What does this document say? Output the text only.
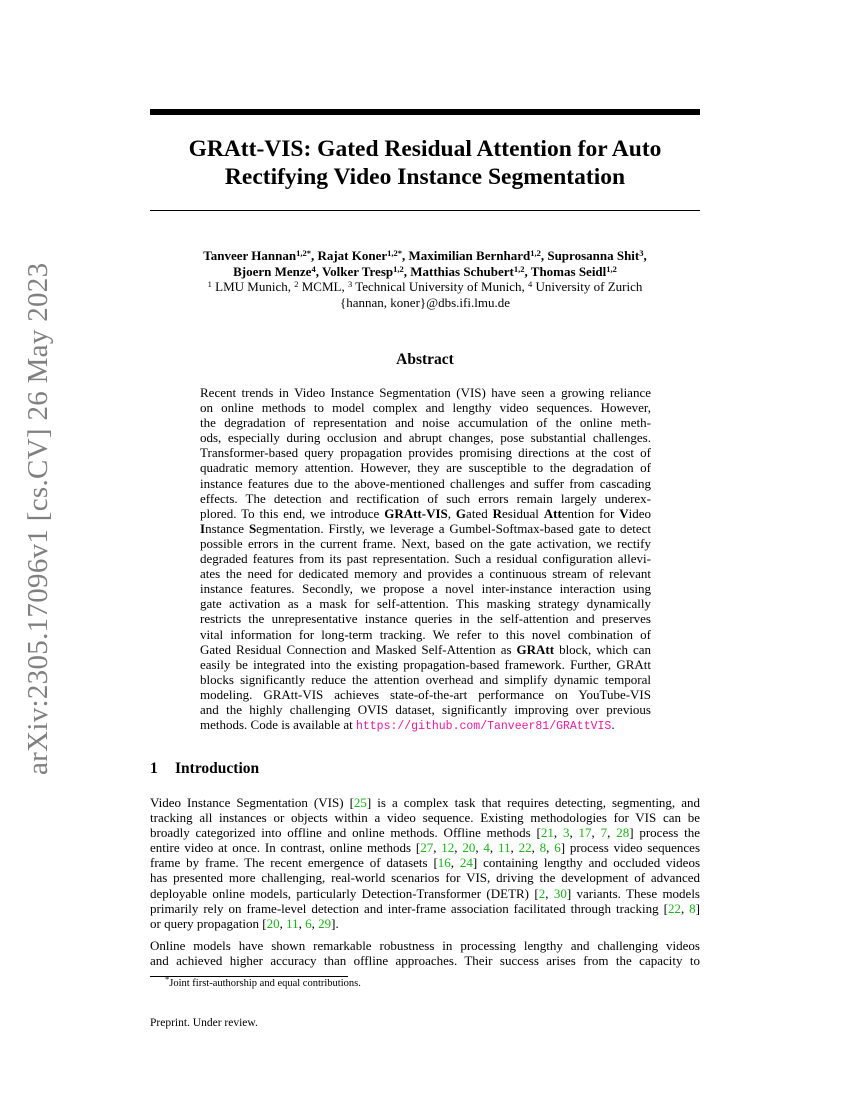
arXiv:2305.17096v1 [cs.CV] 26 May 2023
GRAtt-VIS: Gated Residual Attention for Auto
Rectifying Video Instance Segmentation
Tanveer Hannan$^{1,2*}$, Rajat Koner$^{1,2*}$, Maximilian Bernhard$^{1,2}$, Suprosanna Shit$^3$,
Bjoern Menze$^4$, Volker Tresp$^{1,2}$, Matthias Schubert$^{1,2}$, Thomas Seidl$^{1,2}$
$^1$ LMU Munich, $^2$ MCML, $^3$ Technical University of Munich, $^4$ University of Zurich
{hannan, koner}@dbs.ifi.lmu.de
Abstract
Recent trends in Video Instance Segmentation (VIS) have seen a growing reliance
on online methods to model complex and lengthy video sequences. However,
the degradation of representation and noise accumulation of the online meth-
ods, especially during occlusion and abrupt changes, pose substantial challenges.
Transformer-based query propagation provides promising directions at the cost of
quadratic memory attention. However, they are susceptible to the degradation of
instance features due to the above-mentioned challenges and suffer from cascading
effects. The detection and rectification of such errors remain largely underex-
plored. To this end, we introduce GRAtt-VIS, Gated Residual Attention for Video
Instance Segmentation. Firstly, we leverage a Gumbel-Softmax-based gate to detect
possible errors in the current frame. Next, based on the gate activation, we rectify
degraded features from its past representation. Such a residual configuration allevi-
ates the need for dedicated memory and provides a continuous stream of relevant
instance features. Secondly, we propose a novel inter-instance interaction using
gate activation as a mask for self-attention. This masking strategy dynamically
restricts the unrepresentative instance queries in the self-attention and preserves
vital information for long-term tracking. We refer to this novel combination of
Gated Residual Connection and Masked Self-Attention as GRAtt block, which can
easily be integrated into the existing propagation-based framework. Further, GRAtt
blocks significantly reduce the attention overhead and simplify dynamic temporal
modeling. GRAtt-VIS achieves state-of-the-art performance on YouTube-VIS
and the highly challenging OVIS dataset, significantly improving over previous
methods. Code is available at https://github.com/Tanveer81/GRAttVIS.
1 Introduction
Video Instance Segmentation (VIS) [25] is a complex task that requires detecting, segmenting, and
tracking all instances or objects within a video sequence. Existing methodologies for VIS can be
broadly categorized into offline and online methods. Offline methods [21, 3, 17, 7, 28] process the
entire video at once. In contrast, online methods [27, 12, 20, 4, 11, 22, 8, 6] process video sequences
frame by frame. The recent emergence of datasets [16, 24] containing lengthy and occluded videos
has presented more challenging, real-world scenarios for VIS, driving the development of advanced
deployable online models, particularly Detection-Transformer (DETR) [2, 30] variants. These models
primarily rely on frame-level detection and inter-frame association facilitated through tracking [22, 8]
or query propagation [20, 11, 6, 29].
Online models have shown remarkable robustness in processing lengthy and challenging videos
and achieved higher accuracy than offline approaches. Their success arises from the capacity to
*Joint first-authorship and equal contributions.
Preprint. Under review.
